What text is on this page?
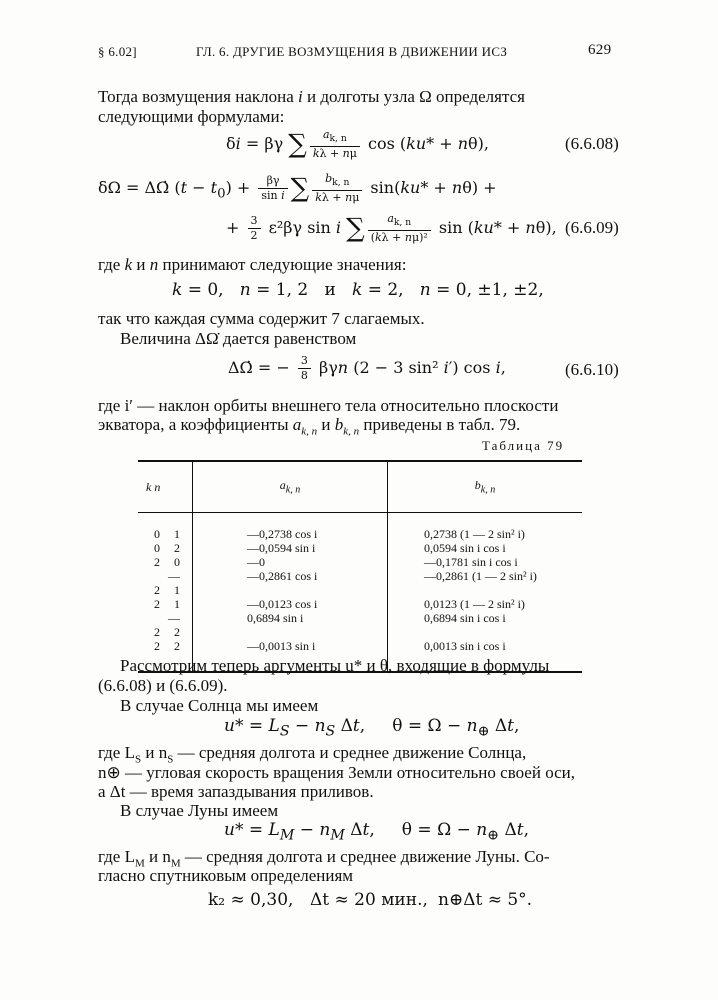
§ 6.02]	ГЛ. 6. ДРУГИЕ ВОЗМУЩЕНИЯ В ДВИЖЕНИИ ИСЗ	629
Тогда возмущения наклона i и долготы узла Ω определятся
следующими формулами:
δi = βγ ∑ $\frac{a_{k, n}}{k\lambda + n\mu}$ cos (ku* + nθ),	(6.6.08)
δΩ = ΔΩ̇ $(t - t_0) + \frac{\beta\gamma}{\text{sin i}}$ ∑ $\frac{b_{k, n}}{k\lambda + n\mu} \sin(ku* + n\theta)$ +
+ $\frac{3}{2} \varepsilon^2\beta\gamma$ sin i ∑ $\frac{a_{k, n}}{\text{(kλ + nμ)²}}$ sin (ku* + nθ), (6.6.09)
где k и n принимают следующие значения:
k = 0,   n = 1, 2   и   k = 2,   n = 0, ±1, ±2,
так что каждая сумма содержит 7 слагаемых.
Величина ΔΩ̇ дается равенством
ΔΩ̇ = − $\frac{3}{8}$ βγn (2 − 3 sin² i′) cos i,	(6.6.10)
где i′ — наклон орбиты внешнего тела относительно плоскости
экватора, а коэффициенты $a_{k, n}$ и $b_{k, n}$ приведены в табл. 79.
Таблица 79
k n	$a_{k, n}$	$b_{k, n}$
0 1	—0,2738 cos i	0,2738 (1 — 2 sin² i)
0 2	—0,0594 sin i	0,0594 sin i cos i
2 0	—0	—0,1781 sin i cos i
2  —1	—0,2861 cos i	—0,2861 (1 — 2 sin² i)
2 1	—0,0123 cos i	0,0123 (1 — 2 sin² i)
2  —2	0,6894 sin i	0,6894 sin i cos i
2 2	—0,0013 sin i	0,0013 sin i cos i
Рассмотрим теперь аргументы u* и θ, входящие в формулы
(6.6.08) и (6.6.09).
В случае Солнца мы имеем
$u* = L_S - n_S$ Δt,     $\theta = \Omega - n_\oplus$ Δt,
где $L_S$ и $n_S$ — средняя долгота и среднее движение Солнца,
n⊕ — угловая скорость вращения Земли относительно своей оси,
а Δt — время запаздывания приливов.
В случае Луны имеем
$u* = L_M - n_M$ Δt,     $\theta = \Omega - n_\oplus$ Δt,
где $L_M$ и $n_M$ — средняя долгота и среднее движение Луны. Со-
гласно спутниковым определениям
k₂ ≈ 0,30, Δt ≈ 20 мин., n⊕Δt ≈ 5°.
